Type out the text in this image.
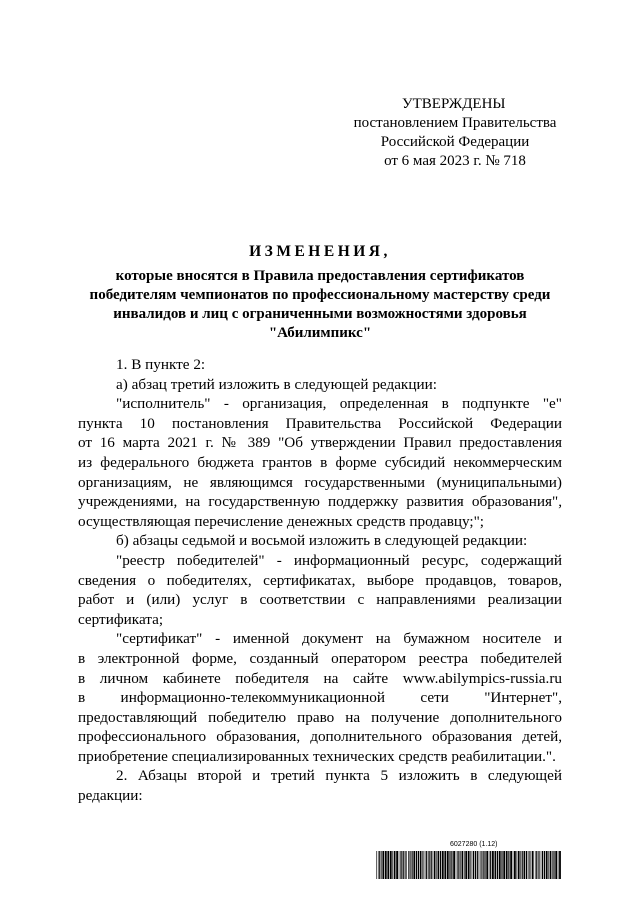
УТВЕРЖДЕНЫ
постановлением Правительства
Российской Федерации
от 6 мая 2023 г. № 718
ИЗМЕНЕНИЯ,
которые вносятся в Правила предоставления сертификатов
победителям чемпионатов по профессиональному мастерству среди
инвалидов и лиц с ограниченными возможностями здоровья
"Абилимпикс"
1. В пункте 2:
а) абзац третий изложить в следующей редакции:
"исполнитель" - организация, определенная в подпункте "е"
пункта 10 постановления Правительства Российской Федерации
от 16 марта 2021 г. № 389 "Об утверждении Правил предоставления
из федерального бюджета грантов в форме субсидий некоммерческим
организациям, не являющимся государственными (муниципальными)
учреждениями, на государственную поддержку развития образования",
осуществляющая перечисление денежных средств продавцу;";
б) абзацы седьмой и восьмой изложить в следующей редакции:
"реестр победителей" - информационный ресурс, содержащий
сведения о победителях, сертификатах, выборе продавцов, товаров,
работ и (или) услуг в соответствии с направлениями реализации
сертификата;
"сертификат" - именной документ на бумажном носителе и
в электронной форме, созданный оператором реестра победителей
в личном кабинете победителя на сайте www.abilympics-russia.ru
в информационно-телекоммуникационной сети "Интернет",
предоставляющий победителю право на получение дополнительного
профессионального образования, дополнительного образования детей,
приобретение специализированных технических средств реабилитации.".
2. Абзацы второй и третий пункта 5 изложить в следующей
редакции:
6027280 (1.12)
